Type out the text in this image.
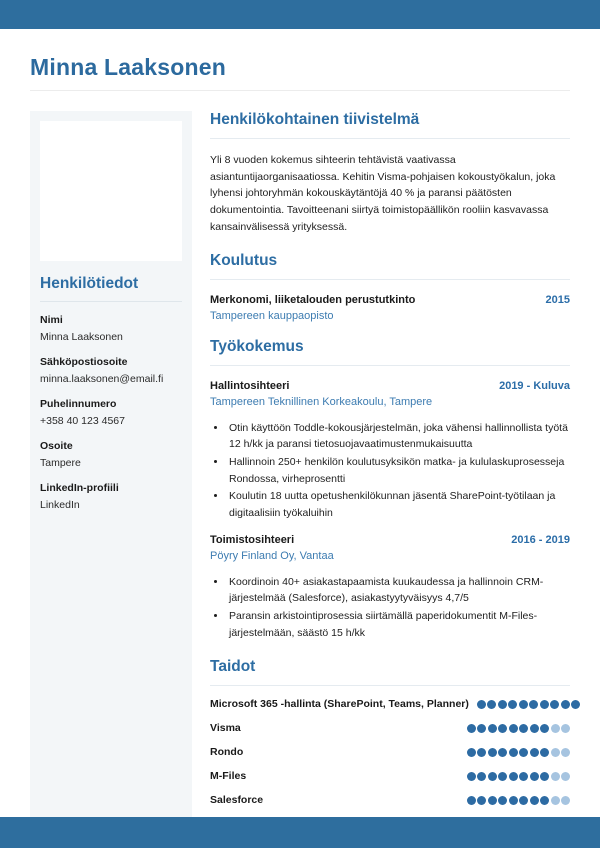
Minna Laaksonen
Henkilötiedot
Nimi
Minna Laaksonen
Sähköpostiosoite
minna.laaksonen@email.fi
Puhelinnumero
+358 40 123 4567
Osoite
Tampere
LinkedIn-profiili
LinkedIn
Henkilökohtainen tiivistelmä

Yli 8 vuoden kokemus sihteerin tehtävistä vaativassa asiantuntijaorganisaatiossa. Kehitin Visma-pohjaisen kokoustyökalun, joka lyhensi johtoryhmän kokouskäytäntöjä 40 % ja paransi päätösten dokumentointia. Tavoitteenani siirtyä toimistopäällikön rooliin kasvavassa kansainvälisessä yrityksessä.

Koulutus
Merkonomi, liiketalouden perustutkinto	2015
Tampereen kauppaopisto
Työkokemus
Hallintosihteeri	2019 - Kuluva
Tampereen Teknillinen Korkeakoulu, Tampere
• Otin käyttöön Toddle-kokousjärjestelmän, joka vähensi hallinnollista työtä 12 h/kk ja paransi tietosuojavaatimustenmukaisuutta
• Hallinnoin 250+ henkilön koulutusyksikön matka- ja kululaskuprosesseja Rondossa, virheprosentti
• Koulutin 18 uutta opetushenkilökunnan jäsentä SharePoint-työtilaan ja digitaalisiin työkaluihin
Toimistosihteeri	2016 - 2019
Pöyry Finland Oy, Vantaa
• Koordinoin 40+ asiakastapaamista kuukaudessa ja hallinnoin CRM-järjestelmää (Salesforce), asiakastyytyväisyys 4,7/5
• Paransin arkistointiprosessia siirtämällä paperidokumentit M-Files-järjestelmään, säästö 15 h/kk
Taidot
Microsoft 365 -hallinta (SharePoint, Teams, Planner)
Visma
Rondo
M-Files
Salesforce
